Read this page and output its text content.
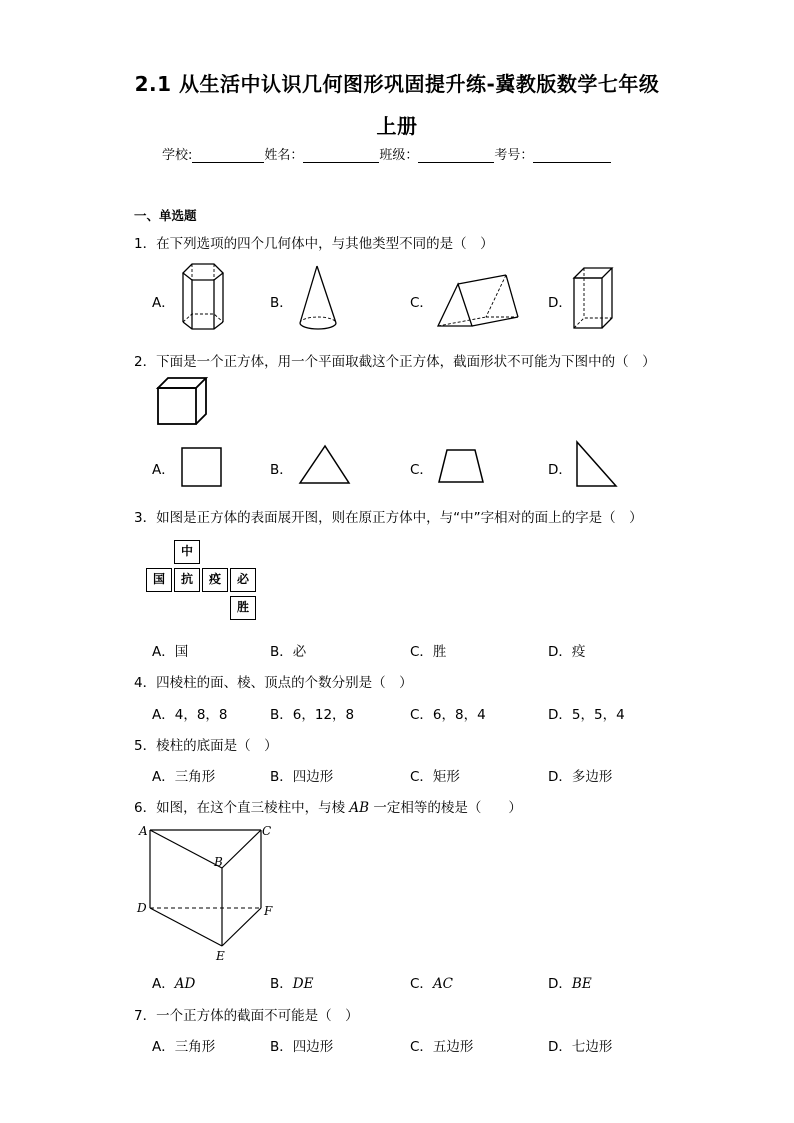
2.1 从生活中认识几何图形巩固提升练-冀教版数学七年级
上册
学校:	姓名：	班级：	考号：
一、单选题
1．在下列选项的四个几何体中，与其他类型不同的是（　）
A．	B．	C．	D．
2．下面是一个正方体，用一个平面取截这个正方体，截面形状不可能为下图中的（　）
A．	B．	C．	D．
3．如图是正方体的表面展开图，则在原正方体中，与“中”字相对的面上的字是（　）
中
国	抗	疫	必
胜
A．国	B．必	C．胜	D．疫
4．四棱柱的面、棱、顶点的个数分别是（　）
A．4，8，8	B．6，12，8	C．6，8，4	D．5，5，4
5．棱柱的底面是（　）
A．三角形	B．四边形	C．矩形	D．多边形
6．如图，在这个直三棱柱中，与棱 AB 一定相等的棱是（　　）
A	C
B
D	F
E
A．AD	B．DE	C．AC	D．BE
7．一个正方体的截面不可能是（　）
A．三角形	B．四边形	C．五边形	D．七边形
